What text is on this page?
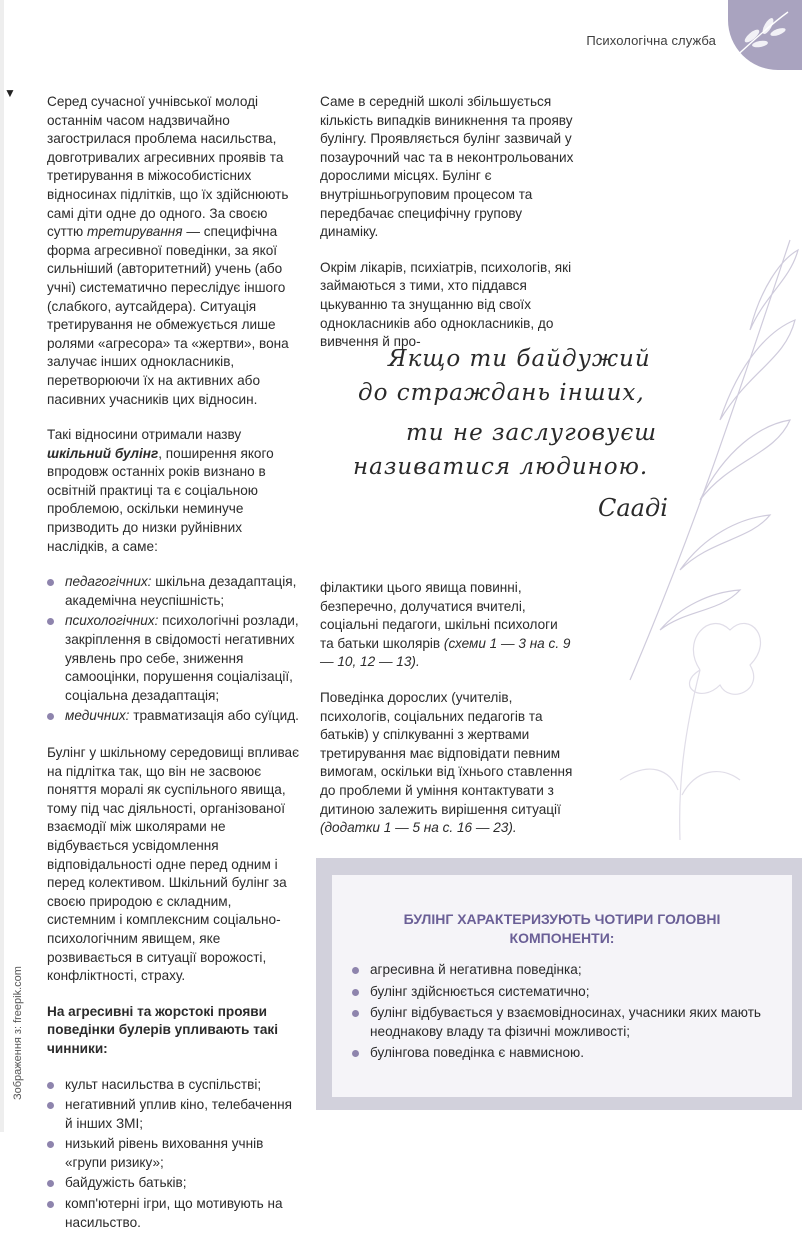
▼
Психологічна служба

Серед сучасної учнівської молоді останнім часом надзвичайно загострилася проблема насильства, довготривалих агресивних проявів та третирування в міжособистісних відносинах підлітків, що їх здійснюють самі діти одне до одного. За своєю суттю третирування — специфічна форма агресивної поведінки, за якої сильніший (авторитетний) учень (або учні) систематично переслідує іншого (слабкого, аутсайдера). Ситуація третирування не обмежується лише ролями «агресора» та «жертви», вона залучає інших однокласників, перетворюючи їх на активних або пасивних учасників цих відносин.

Такі відносини отримали назву шкільний булінг, поширення якого впродовж останніх років визнано в освітній практиці та є соціальною проблемою, оскільки неминуче призводить до низки руйнівних наслідків, а саме:

педагогічних: шкільна дезадаптація, академічна неуспішність;
психологічних: психологічні розлади, закріплення в свідомості негативних уявлень про себе, зниження самооцінки, порушення соціалізації, соціальна дезадаптація;
медичних: травматизація або суїцид.

Булінг у шкільному середовищі впливає на підлітка так, що він не засвоює поняття моралі як суспільного явища, тому під час діяльності, організованої взаємодії між школярами не відбувається усвідомлення відповідальності одне перед одним і перед колективом. Шкільний булінг за своєю природою є складним, системним і комплексним соціально-психологічним явищем, яке розвивається в ситуації ворожості, конфліктності, страху.

На агресивні та жорстокі прояви поведінки булерів упливають такі чинники:

культ насильства в суспільстві;
негативний уплив кіно, телебачення й інших ЗМІ;
низький рівень виховання учнів «групи ризику»;
байдужість батьків;
комп'ютерні ігри, що мотивують на насильство.

Саме в середній школі збільшується кількість випадків виникнення та прояву булінгу. Проявляється булінг зазвичай у позаурочний час та в неконтрольованих дорослими місцях. Булінг є внутрішньогруповим процесом та передбачає специфічну групову динаміку.

Окрім лікарів, психіатрів, психологів, які займаються з тими, хто піддався цькуванню та знущанню від своїх однокласників або однокласників, до вивчення й про-

Якщо ти байдужий
до страждань інших,
ти не заслуговуєш
називатися людиною.
Сааді

філактики цього явища повинні, безперечно, долучатися вчителі, соціальні педагоги, шкільні психологи та батьки школярів (схеми 1 — 3 на с. 9 — 10, 12 — 13).

Поведінка дорослих (учителів, психологів, соціальних педагогів та батьків) у спілкуванні з жертвами третирування має відповідати певним вимогам, оскільки від їхнього ставлення до проблеми й уміння контактувати з дитиною залежить вирішення ситуації (додатки 1 — 5 на с. 16 — 23).

БУЛІНГ ХАРАКТЕРИЗУЮТЬ ЧОТИРИ ГОЛОВНІ
КОМПОНЕНТИ:
агресивна й негативна поведінка;
булінг здійснюється систематично;
булінг відбувається у взаємовідносинах, учасники яких мають неоднакову владу та фізичні можливості;
булінгова поведінка є навмисною.
Зображення з: freepik.com
